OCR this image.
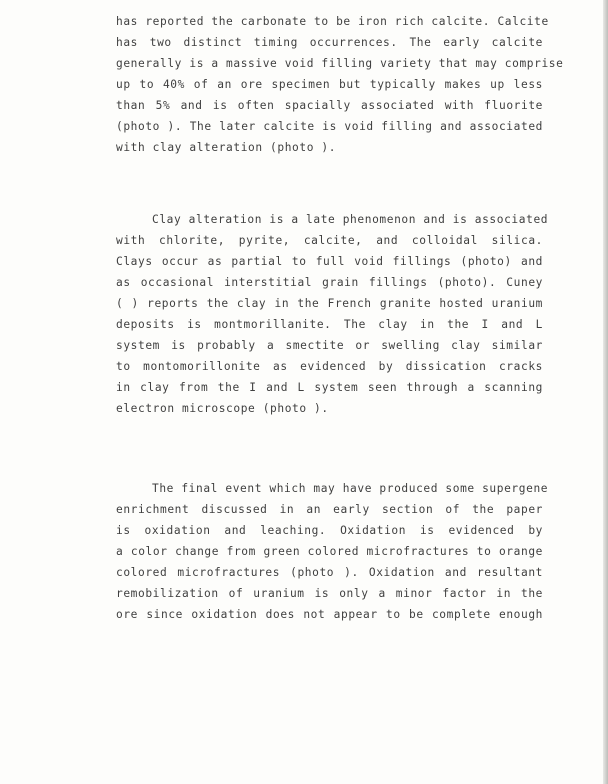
has reported the carbonate to be iron rich calcite. Calcite
has two distinct timing occurrences. The early calcite
generally is a massive void filling variety that may comprise
up to 40% of an ore specimen but typically makes up less
than 5% and is often spacially associated with fluorite
(photo ). The later calcite is void filling and associated
with clay alteration (photo ).
Clay alteration is a late phenomenon and is associated
with chlorite, pyrite, calcite, and colloidal silica.
Clays occur as partial to full void fillings (photo) and
as occasional interstitial grain fillings (photo). Cuney
( ) reports the clay in the French granite hosted uranium
deposits is montmorillanite. The clay in the I and L
system is probably a smectite or swelling clay similar
to montomorillonite as evidenced by dissication cracks
in clay from the I and L system seen through a scanning
electron microscope (photo ).
The final event which may have produced some supergene
enrichment discussed in an early section of the paper
is oxidation and leaching. Oxidation is evidenced by
a color change from green colored microfractures to orange
colored microfractures (photo ). Oxidation and resultant
remobilization of uranium is only a minor factor in the
ore since oxidation does not appear to be complete enough
